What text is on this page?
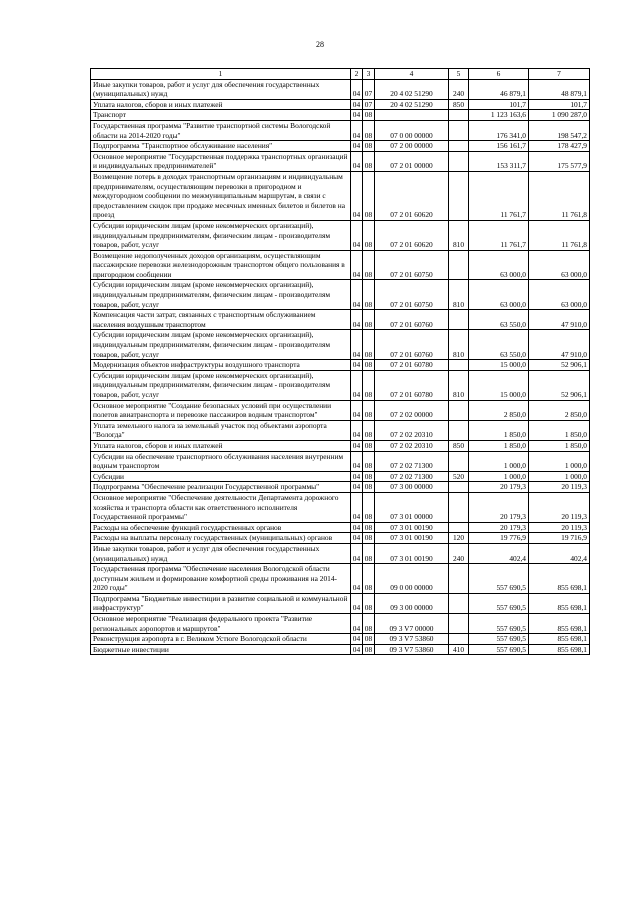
28
1	2	3	4	5	6	7
Иные закупки товаров, работ и услуг для обеспечения государственных (муниципальных) нужд	04	07	20 4 02 51290	240	46 879,1	48 879,1
Уплата налогов, сборов и иных платежей	04	07	20 4 02 51290	850	101,7	101,7
Транспорт	04	08			1 123 163,6	1 090 287,0
Государственная программа "Развитие транспортной системы Вологодской области на 2014-2020 годы"	04	08	07 0 00 00000		176 341,0	198 547,2
Подпрограмма "Транспортное обслуживание населения"	04	08	07 2 00 00000		156 161,7	178 427,9
Основное мероприятие "Государственная поддержка транспортных организаций и индивидуальных предпринимателей"	04	08	07 2 01 00000		153 311,7	175 577,9
Возмещение потерь в доходах транспортным организациям и индивидуальным предпринимателям, осуществляющим перевозки в пригородном и междугородном сообщении по межмуниципальным маршрутам, в связи с предоставлением скидок при продаже месячных именных билетов и билетов на проезд	04	08	07 2 01 60620		11 761,7	11 761,8
Субсидии юридическим лицам (кроме некоммерческих организаций), индивидуальным предпринимателям, физическим лицам - производителям товаров, работ, услуг	04	08	07 2 01 60620	810	11 761,7	11 761,8
Возмещение недополученных доходов организациям, осуществляющим пассажирские перевозки железнодорожным транспортом общего пользования в пригородном сообщении	04	08	07 2 01 60750		63 000,0	63 000,0
Субсидии юридическим лицам (кроме некоммерческих организаций), индивидуальным предпринимателям, физическим лицам - производителям товаров, работ, услуг	04	08	07 2 01 60750	810	63 000,0	63 000,0
Компенсация части затрат, связанных с транспортным обслуживанием населения воздушным транспортом	04	08	07 2 01 60760		63 550,0	47 910,0
Субсидии юридическим лицам (кроме некоммерческих организаций), индивидуальным предпринимателям, физическим лицам - производителям товаров, работ, услуг	04	08	07 2 01 60760	810	63 550,0	47 910,0
Модернизация объектов инфраструктуры воздушного транспорта	04	08	07 2 01 60780		15 000,0	52 906,1
Субсидии юридическим лицам (кроме некоммерческих организаций), индивидуальным предпринимателям, физическим лицам - производителям товаров, работ, услуг	04	08	07 2 01 60780	810	15 000,0	52 906,1
Основное мероприятие "Создание безопасных условий при осуществлении полетов авиатранспорта и перевозке пассажиров водным транспортом"	04	08	07 2 02 00000		2 850,0	2 850,0
Уплата земельного налога за земельный участок под объектами аэропорта "Вологда"	04	08	07 2 02 20310		1 850,0	1 850,0
Уплата налогов, сборов и иных платежей	04	08	07 2 02 20310	850	1 850,0	1 850,0
Субсидии на обеспечение транспортного обслуживания населения внутренним водным транспортом	04	08	07 2 02 71300		1 000,0	1 000,0
Субсидии	04	08	07 2 02 71300	520	1 000,0	1 000,0
Подпрограмма "Обеспечение реализации Государственной программы"	04	08	07 3 00 00000		20 179,3	20 119,3
Основное мероприятие "Обеспечение деятельности Департамента дорожного хозяйства и транспорта области как ответственного исполнителя Государственной программы"	04	08	07 3 01 00000		20 179,3	20 119,3
Расходы на обеспечение функций государственных органов	04	08	07 3 01 00190		20 179,3	20 119,3
Расходы на выплаты персоналу государственных (муниципальных) органов	04	08	07 3 01 00190	120	19 776,9	19 716,9
Иные закупки товаров, работ и услуг для обеспечения государственных (муниципальных) нужд	04	08	07 3 01 00190	240	402,4	402,4
Государственная программа "Обеспечение населения Вологодской области доступным жильем и формирование комфортной среды проживания на 2014-2020 годы"	04	08	09 0 00 00000		557 690,5	855 698,1
Подпрограмма "Бюджетные инвестиции в развитие социальной и коммунальной инфраструктур"	04	08	09 3 00 00000		557 690,5	855 698,1
Основное мероприятие "Реализация федерального проекта "Развитие региональных аэропортов и маршрутов"	04	08	09 3 V7 00000		557 690,5	855 698,1
Реконструкция аэропорта в г. Великом Устюге Вологодской области	04	08	09 3 V7 53860		557 690,5	855 698,1
Бюджетные инвестиции	04	08	09 3 V7 53860	410	557 690,5	855 698,1
